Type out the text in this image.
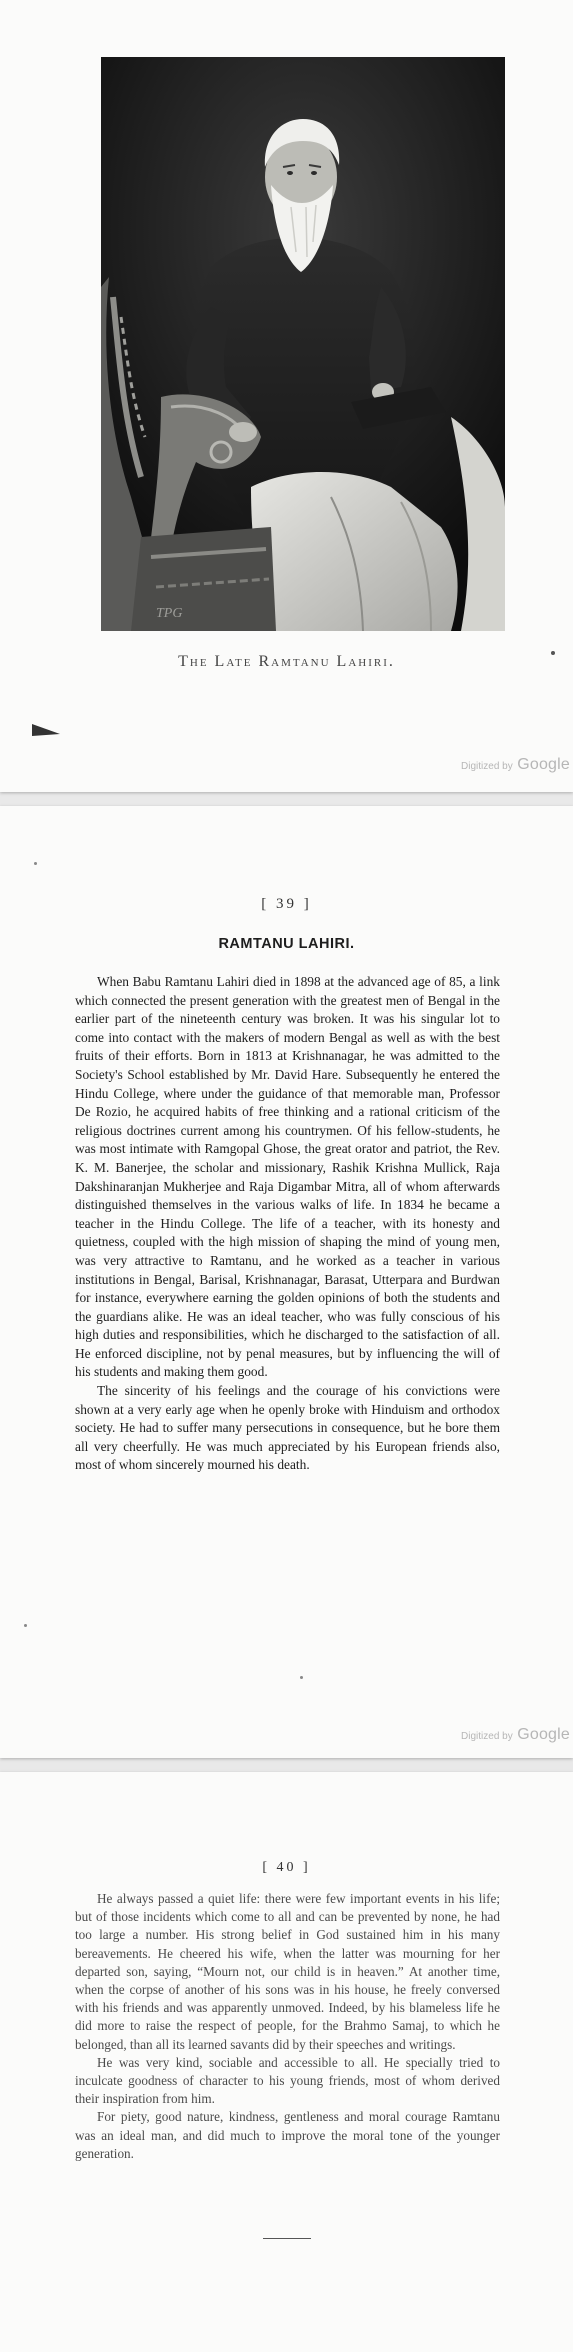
TPG
The Late Ramtanu Lahiri.
Digitized by Google
[ 39 ]
RAMTANU LAHIRI.

When Babu Ramtanu Lahiri died in 1898 at the advanced age of 85, a link which connected the present generation with the greatest men of Bengal in the earlier part of the nineteenth century was broken. It was his singular lot to come into contact with the makers of modern Bengal as well as with the best fruits of their efforts. Born in 1813 at Krishnanagar, he was admitted to the Society's School established by Mr. David Hare. Subsequently he entered the Hindu College, where under the guidance of that memorable man, Professor De Rozio, he acquired habits of free thinking and a rational criticism of the religious doctrines current among his countrymen. Of his fellow-students, he was most intimate with Ramgopal Ghose, the great orator and patriot, the Rev. K. M. Banerjee, the scholar and missionary, Rashik Krishna Mullick, Raja Dakshinaranjan Mukherjee and Raja Digambar Mitra, all of whom afterwards distinguished themselves in the various walks of life. In 1834 he became a teacher in the Hindu College. The life of a teacher, with its honesty and quietness, coupled with the high mission of shaping the mind of young men, was very attractive to Ramtanu, and he worked as a teacher in various institutions in Bengal, Barisal, Krishnanagar, Barasat, Utterpara and Burdwan for instance, everywhere earning the golden opinions of both the students and the guardians alike. He was an ideal teacher, who was fully conscious of his high duties and responsibilities, which he discharged to the satisfaction of all. He enforced discipline, not by penal measures, but by influencing the will of his students and making them good.

The sincerity of his feelings and the courage of his convictions were shown at a very early age when he openly broke with Hinduism and orthodox society. He had to suffer many persecutions in consequence, but he bore them all very cheerfully. He was much appreciated by his European friends also, most of whom sincerely mourned his death.

Digitized by Google
[ 40 ]

He always passed a quiet life: there were few important events in his life; but of those incidents which come to all and can be prevented by none, he had too large a number. His strong belief in God sustained him in his many bereavements. He cheered his wife, when the latter was mourning for her departed son, saying, “Mourn not, our child is in heaven.” At another time, when the corpse of another of his sons was in his house, he freely conversed with his friends and was apparently unmoved. Indeed, by his blameless life he did more to raise the respect of people, for the Brahmo Samaj, to which he belonged, than all its learned savants did by their speeches and writings.

He was very kind, sociable and accessible to all. He specially tried to inculcate goodness of character to his young friends, most of whom derived their inspiration from him.

For piety, good nature, kindness, gentleness and moral courage Ramtanu was an ideal man, and did much to improve the moral tone of the younger generation.
